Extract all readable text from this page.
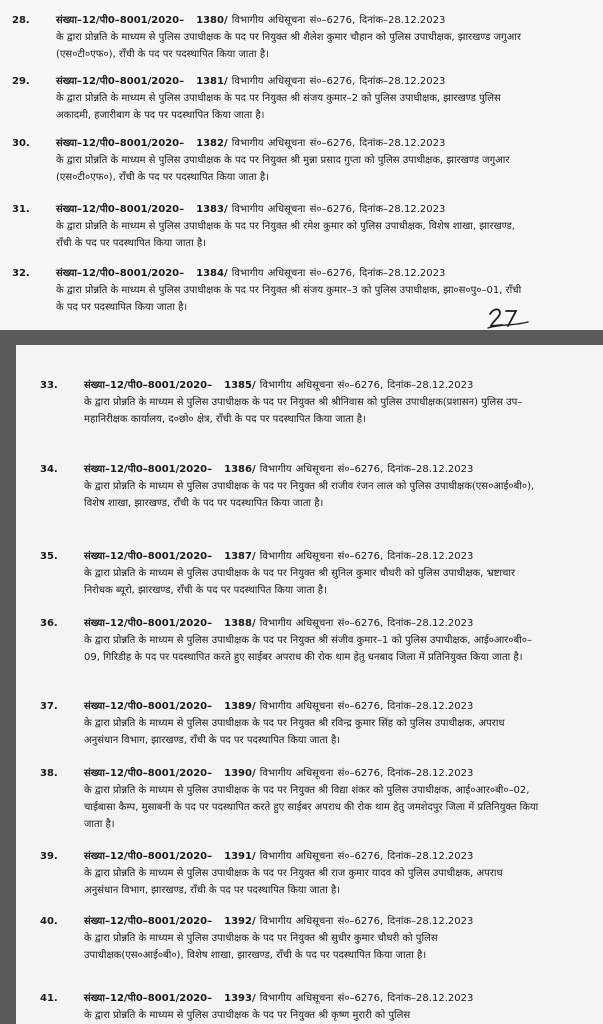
28.	संख्या–12/पी0–8001/2020– 1380/ विभागीय अधिसूचना सं०–6276, दिनांक–28.12.2023
के द्वारा प्रोन्नति के माध्यम से पुलिस उपाधीक्षक के पद पर नियुक्त श्री शैलेश कुमार चौहान को पुलिस उपाधीक्षक, झारखण्ड जगुआर (एस०टी०एफ०), राँची के पद पर पदस्थापित किया जाता है।
29.	संख्या–12/पी0–8001/2020– 1381/ विभागीय अधिसूचना सं०–6276, दिनांक–28.12.2023
के द्वारा प्रोन्नति के माध्यम से पुलिस उपाधीक्षक के पद पर नियुक्त श्री संजय कुमार–2 को पुलिस उपाधीक्षक, झारखण्ड पुलिस अकादमी, हजारीबाग के पद पर पदस्थापित किया जाता है।
30.	संख्या–12/पी0–8001/2020– 1382/ विभागीय अधिसूचना सं०–6276, दिनांक–28.12.2023
के द्वारा प्रोन्नति के माध्यम से पुलिस उपाधीक्षक के पद पर नियुक्त श्री मुन्ना प्रसाद गुप्ता को पुलिस उपाधीक्षक, झारखण्ड जगुआर (एस०टी०एफ०), राँची के पद पर पदस्थापित किया जाता है।
31.	संख्या–12/पी0–8001/2020– 1383/ विभागीय अधिसूचना सं०–6276, दिनांक–28.12.2023
के द्वारा प्रोन्नति के माध्यम से पुलिस उपाधीक्षक के पद पर नियुक्त श्री रमेश कुमार को पुलिस उपाधीक्षक, विशेष शाखा, झारखण्ड, राँची के पद पर पदस्थापित किया जाता है।
32.	संख्या–12/पी0–8001/2020– 1384/ विभागीय अधिसूचना सं०–6276, दिनांक–28.12.2023
के द्वारा प्रोन्नति के माध्यम से पुलिस उपाधीक्षक के पद पर नियुक्त श्री संजय कुमार–3 को पुलिस उपाधीक्षक, झा०स०पु०–01, राँची के पद पर पदस्थापित किया जाता है।
33.	संख्या–12/पी0–8001/2020– 1385/ विभागीय अधिसूचना सं०–6276, दिनांक–28.12.2023
के द्वारा प्रोन्नति के माध्यम से पुलिस उपाधीक्षक के पद पर नियुक्त श्री श्रीनिवास को पुलिस उपाधीक्षक(प्रशासन) पुलिस उप–महानिरीक्षक कार्यालय, द०छो० क्षेत्र, राँची के पद पर पदस्थापित किया जाता है।
34.	संख्या–12/पी0–8001/2020– 1386/ विभागीय अधिसूचना सं०–6276, दिनांक–28.12.2023
के द्वारा प्रोन्नति के माध्यम से पुलिस उपाधीक्षक के पद पर नियुक्त श्री राजीव रंजन लाल को पुलिस उपाधीक्षक(एस०आई०बी०), विशेष शाखा, झारखण्ड, राँची के पद पर पदस्थापित किया जाता है।
35.	संख्या–12/पी0–8001/2020– 1387/ विभागीय अधिसूचना सं०–6276, दिनांक–28.12.2023
के द्वारा प्रोन्नति के माध्यम से पुलिस उपाधीक्षक के पद पर नियुक्त श्री सुनिल कुमार चौधरी को पुलिस उपाधीक्षक, भ्रष्टाचार निरोधक ब्यूरो, झारखण्ड, राँची के पद पर पदस्थापित किया जाता है।
36.	संख्या–12/पी0–8001/2020– 1388/ विभागीय अधिसूचना सं०–6276, दिनांक–28.12.2023
के द्वारा प्रोन्नति के माध्यम से पुलिस उपाधीक्षक के पद पर नियुक्त श्री संजीव कुमार–1 को पुलिस उपाधीक्षक, आई०आर०बी०–09, गिरिडीह के पद पर पदस्थापित करते हुए साईबर अपराध की रोक थाम हेतु धनबाद जिला में प्रतिनियुक्त किया जाता है।
37.	संख्या–12/पी0–8001/2020– 1389/ विभागीय अधिसूचना सं०–6276, दिनांक–28.12.2023
के द्वारा प्रोन्नति के माध्यम से पुलिस उपाधीक्षक के पद पर नियुक्त श्री रविन्द्र कुमार सिंह को पुलिस उपाधीक्षक, अपराध अनुसंधान विभाग, झारखण्ड, राँची के पद पर पदस्थापित किया जाता है।
38.	संख्या–12/पी0–8001/2020– 1390/ विभागीय अधिसूचना सं०–6276, दिनांक–28.12.2023
के द्वारा प्रोन्नति के माध्यम से पुलिस उपाधीक्षक के पद पर नियुक्त श्री विद्या शंकर को पुलिस उपाधीक्षक, आई०आर०बी०–02, चाईबासा कैम्प, मुसाबनी के पद पर पदस्थापित करते हुए साईबर अपराध की रोक थाम हेतु जमशेदपुर जिला में प्रतिनियुक्त किया जाता है।
39.	संख्या–12/पी0–8001/2020– 1391/ विभागीय अधिसूचना सं०–6276, दिनांक–28.12.2023
के द्वारा प्रोन्नति के माध्यम से पुलिस उपाधीक्षक के पद पर नियुक्त श्री राज कुमार यादव को पुलिस उपाधीक्षक, अपराध अनुसंधान विभाग, झारखण्ड, राँची के पद पर पदस्थापित किया जाता है।
40.	संख्या–12/पी0–8001/2020– 1392/ विभागीय अधिसूचना सं०–6276, दिनांक–28.12.2023
के द्वारा प्रोन्नति के माध्यम से पुलिस उपाधीक्षक के पद पर नियुक्त श्री सुधीर कुमार चौधरी को पुलिस उपाधीक्षक(एस०आई०बी०), विशेष शाखा, झारखण्ड, राँची के पद पर पदस्थापित किया जाता है।
41.	संख्या–12/पी0–8001/2020– 1393/ विभागीय अधिसूचना सं०–6276, दिनांक–28.12.2023
के द्वारा प्रोन्नति के माध्यम से पुलिस उपाधीक्षक के पद पर नियुक्त श्री कृष्ण मुरारी को पुलिस
